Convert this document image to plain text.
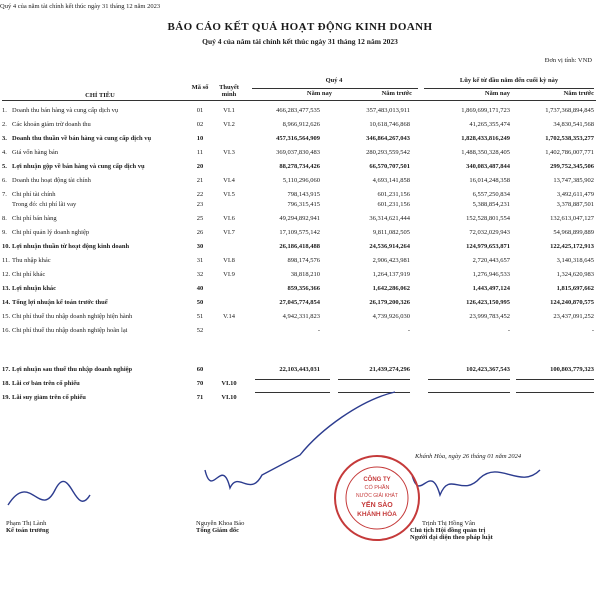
Quý 4 của năm tài chính kết thúc ngày 31 tháng 12 năm 2023
BÁO CÁO KẾT QUẢ HOẠT ĐỘNG KINH DOANH
Quý 4 của năm tài chính kết thúc ngày 31 tháng 12 năm 2023
Đơn vị tính: VND
CHỈ TIÊU
Mã số	Thuyết minh
Quý 4	Lũy kế từ đầu năm đến cuối kỳ này
Năm nay	Năm trước	Năm nay	Năm trước
1. Doanh thu bán hàng và cung cấp dịch vụ	01	VI.1	466,283,477,535	357,483,013,911	1,869,699,171,723	1,737,368,894,845
2. Các khoản giảm trừ doanh thu	02	VI.2	8,966,912,626	10,618,746,868	41,265,355,474	34,830,541,568
3. Doanh thu thuần về bán hàng và cung cấp dịch vụ	10	457,316,564,909	346,864,267,043	1,828,433,816,249	1,702,538,353,277
4. Giá vốn hàng bán	11	VI.3	369,037,830,483	280,293,559,542	1,488,350,328,405	1,402,786,007,771
5. Lợi nhuận gộp về bán hàng và cung cấp dịch vụ	20	88,278,734,426	66,570,707,501	340,083,487,844	299,752,345,506
6. Doanh thu hoạt động tài chính	21	VI.4	5,110,296,060	4,693,141,858	16,014,248,358	13,747,385,902
7. Chi phí tài chính	22	VI.5	798,143,915	601,231,156	6,557,250,834	3,492,611,479
Trong đó: chi phí lãi vay	23	796,315,415	601,231,156	5,388,854,231	3,378,887,501
8. Chi phí bán hàng	25	VI.6	49,294,892,941	36,314,621,444	152,528,801,554	132,613,047,127
9. Chi phí quản lý doanh nghiệp	26	VI.7	17,109,575,142	9,811,082,505	72,032,029,943	54,968,899,889
10. Lợi nhuận thuần từ hoạt động kinh doanh	30	26,186,418,488	24,536,914,264	124,979,653,871	122,425,172,913
11. Thu nhập khác	31	VI.8	898,174,576	2,906,423,981	2,720,443,657	3,140,318,645
12. Chi phí khác	32	VI.9	38,818,210	1,264,137,919	1,276,946,533	1,324,620,983
13. Lợi nhuận khác	40	859,356,366	1,642,286,062	1,443,497,124	1,815,697,662
14. Tổng lợi nhuận kế toán trước thuế	50	27,045,774,854	26,179,200,326	126,423,150,995	124,240,870,575
15. Chi phí thuế thu nhập doanh nghiệp hiện hành	51	V.14	4,942,331,823	4,739,926,030	23,999,783,452	23,437,091,252
16. Chi phí thuế thu nhập doanh nghiệp hoãn lại	52	-	-	-	-
17. Lợi nhuận sau thuế thu nhập doanh nghiệp	60	22,103,443,031	21,439,274,296	102,423,367,543	100,803,779,323
18. Lãi cơ bản trên cổ phiếu	70	VI.10
19. Lãi suy giảm trên cổ phiếu	71	VI.10
Khánh Hòa, ngày 26 tháng 01 năm 2024
CÔNG TY
CỔ PHẦN
NƯỚC GIẢI KHÁT
YẾN SÀO
KHÁNH HÒA
Phạm Thị Lành
Kế toán trưởng
Nguyễn Khoa Bảo
Tổng Giám đốc
Trịnh Thị Hồng Vân
Chủ tịch Hội đồng quản trị
Người đại diện theo pháp luật
